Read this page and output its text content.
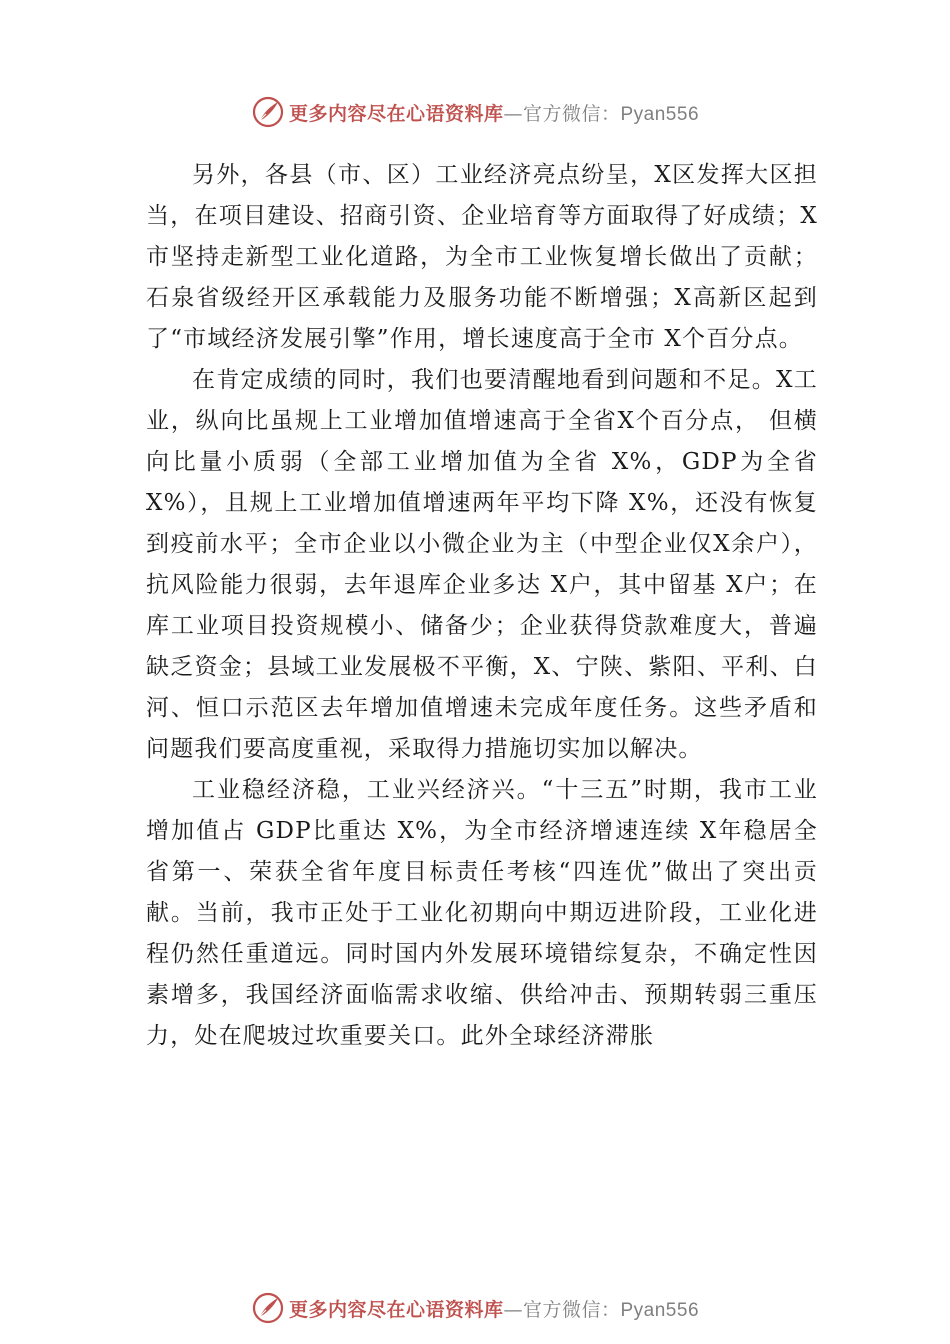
更多内容尽在心语资料库—官方微信：Pyan556

另外，各县（市、区）工业经济亮点纷呈，X区发挥大区担当，在项目建设、招商引资、企业培育等方面取得了好成绩；X市坚持走新型工业化道路，为全市工业恢复增长做出了贡献；石泉省级经开区承载能力及服务功能不断增强；X高新区起到了“市域经济发展引擎”作用，增长速度高于全市 X个百分点。

在肯定成绩的同时，我们也要清醒地看到问题和不足。X工业，纵向比虽规上工业增加值增速高于全省X个百分点， 但横向比量小质弱（全部工业增加值为全省 X%，GDP为全省 X%），且规上工业增加值增速两年平均下降 X%，还没有恢复到疫前水平；全市企业以小微企业为主（中型企业仅X余户），抗风险能力很弱，去年退库企业多达 X户，其中留基 X户；在库工业项目投资规模小、储备少；企业获得贷款难度大，普遍缺乏资金；县域工业发展极不平衡，X、宁陕、紫阳、平利、白河、恒口示范区去年增加值增速未完成年度任务。这些矛盾和问题我们要高度重视，采取得力措施切实加以解决。

工业稳经济稳，工业兴经济兴。“十三五”时期，我市工业增加值占 GDP比重达 X%，为全市经济增速连续 X年稳居全省第一、荣获全省年度目标责任考核“四连优”做出了突出贡献。当前，我市正处于工业化初期向中期迈进阶段，工业化进程仍然任重道远。同时国内外发展环境错综复杂，不确定性因素增多，我国经济面临需求收缩、供给冲击、预期转弱三重压力，处在爬坡过坎重要关口。此外全球经济滞胀

更多内容尽在心语资料库—官方微信：Pyan556
